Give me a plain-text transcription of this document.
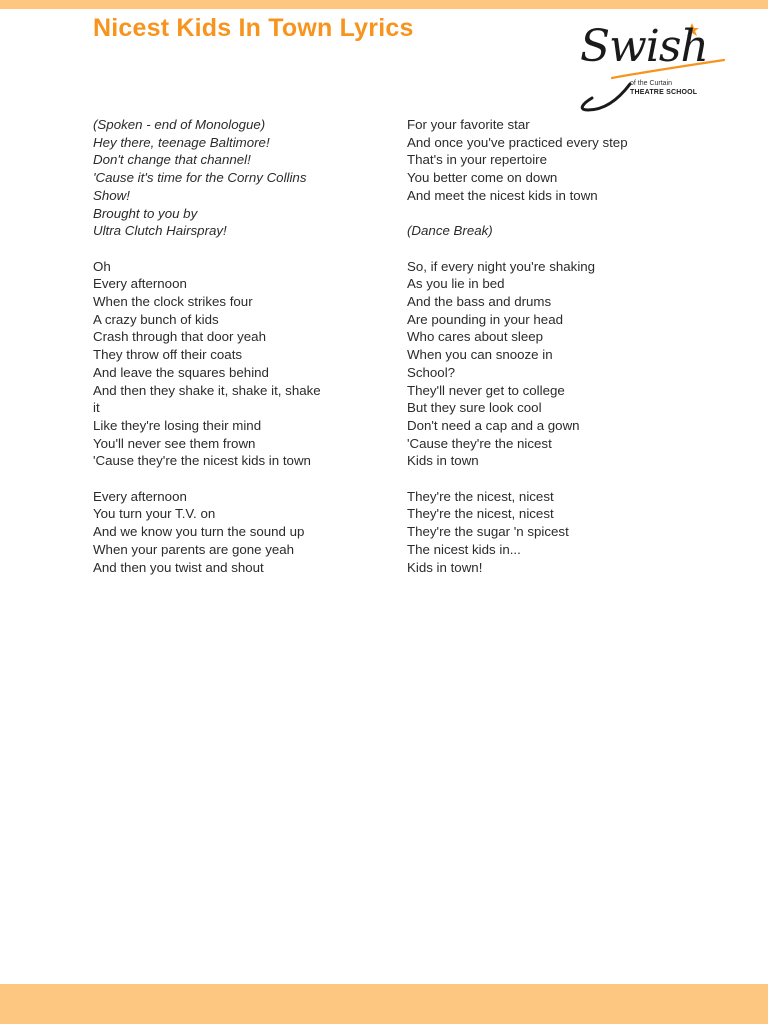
Nicest Kids In Town Lyrics	Swish

of the Curtain

THEATRE SCHOOL

(Spoken - end of Monologue)
Hey there, teenage Baltimore!
Don't change that channel!
'Cause it's time for the Corny Collins
Show!
Brought to you by
Ultra Clutch Hairspray!
Oh
Every afternoon
When the clock strikes four
A crazy bunch of kids
Crash through that door yeah
They throw off their coats
And leave the squares behind
And then they shake it, shake it, shake
it
Like they're losing their mind
You'll never see them frown
'Cause they're the nicest kids in town
Every afternoon
You turn your T.V. on
And we know you turn the sound up
When your parents are gone yeah
And then you twist and shout
For your favorite star
And once you've practiced every step
That's in your repertoire
You better come on down
And meet the nicest kids in town
(Dance Break)
So, if every night you're shaking
As you lie in bed
And the bass and drums
Are pounding in your head
Who cares about sleep
When you can snooze in
School?
They'll never get to college
But they sure look cool
Don't need a cap and a gown
'Cause they're the nicest
Kids in town
They're the nicest, nicest
They're the nicest, nicest
They're the sugar 'n spicest
The nicest kids in...
Kids in town!
